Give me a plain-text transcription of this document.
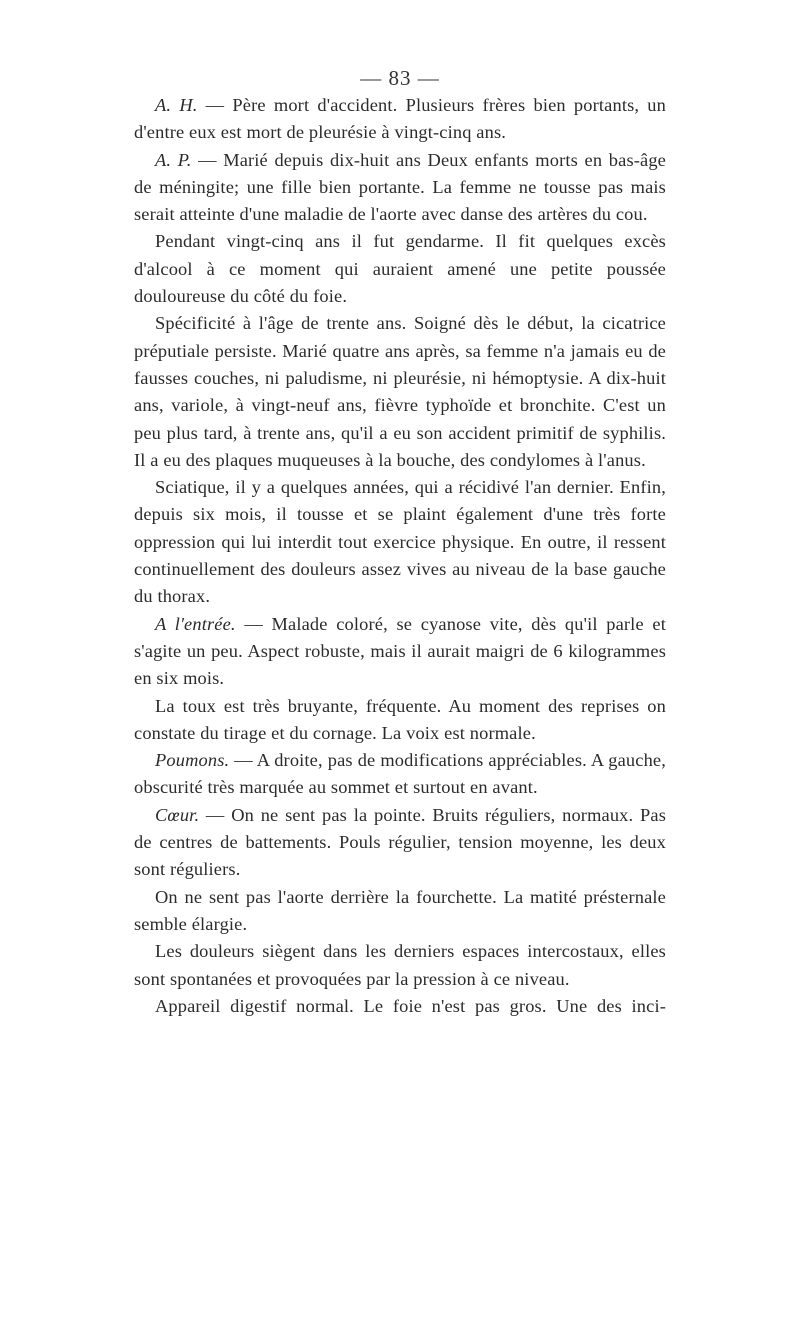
— 83 —

A. H. — Père mort d'accident. Plusieurs frères bien portants, un d'entre eux est mort de pleurésie à vingt-cinq ans.

A. P. — Marié depuis dix-huit ans Deux enfants morts en bas-âge de méningite; une fille bien portante. La femme ne tousse pas mais serait atteinte d'une maladie de l'aorte avec danse des artères du cou.

Pendant vingt-cinq ans il fut gendarme. Il fit quelques excès d'alcool à ce moment qui auraient amené une petite poussée douloureuse du côté du foie.

Spécificité à l'âge de trente ans. Soigné dès le début, la cicatrice préputiale persiste. Marié quatre ans après, sa femme n'a jamais eu de fausses couches, ni paludisme, ni pleurésie, ni hémoptysie. A dix-huit ans, variole, à vingt-neuf ans, fièvre typhoïde et bronchite. C'est un peu plus tard, à trente ans, qu'il a eu son accident primitif de syphilis. Il a eu des plaques muqueuses à la bouche, des condylomes à l'anus.

Sciatique, il y a quelques années, qui a récidivé l'an dernier. Enfin, depuis six mois, il tousse et se plaint également d'une très forte oppression qui lui interdit tout exercice physique. En outre, il ressent continuellement des douleurs assez vives au niveau de la base gauche du thorax.

A l'entrée. — Malade coloré, se cyanose vite, dès qu'il parle et s'agite un peu. Aspect robuste, mais il aurait maigri de 6 kilogrammes en six mois.

La toux est très bruyante, fréquente. Au moment des reprises on constate du tirage et du cornage. La voix est normale.

Poumons. — A droite, pas de modifications appréciables. A gauche, obscurité très marquée au sommet et surtout en avant.

Cœur. — On ne sent pas la pointe. Bruits réguliers, normaux. Pas de centres de battements. Pouls régulier, tension moyenne, les deux sont réguliers.

On ne sent pas l'aorte derrière la fourchette. La matité présternale semble élargie.

Les douleurs siègent dans les derniers espaces intercostaux, elles sont spontanées et provoquées par la pression à ce niveau.

Appareil digestif normal. Le foie n'est pas gros. Une des inci-
